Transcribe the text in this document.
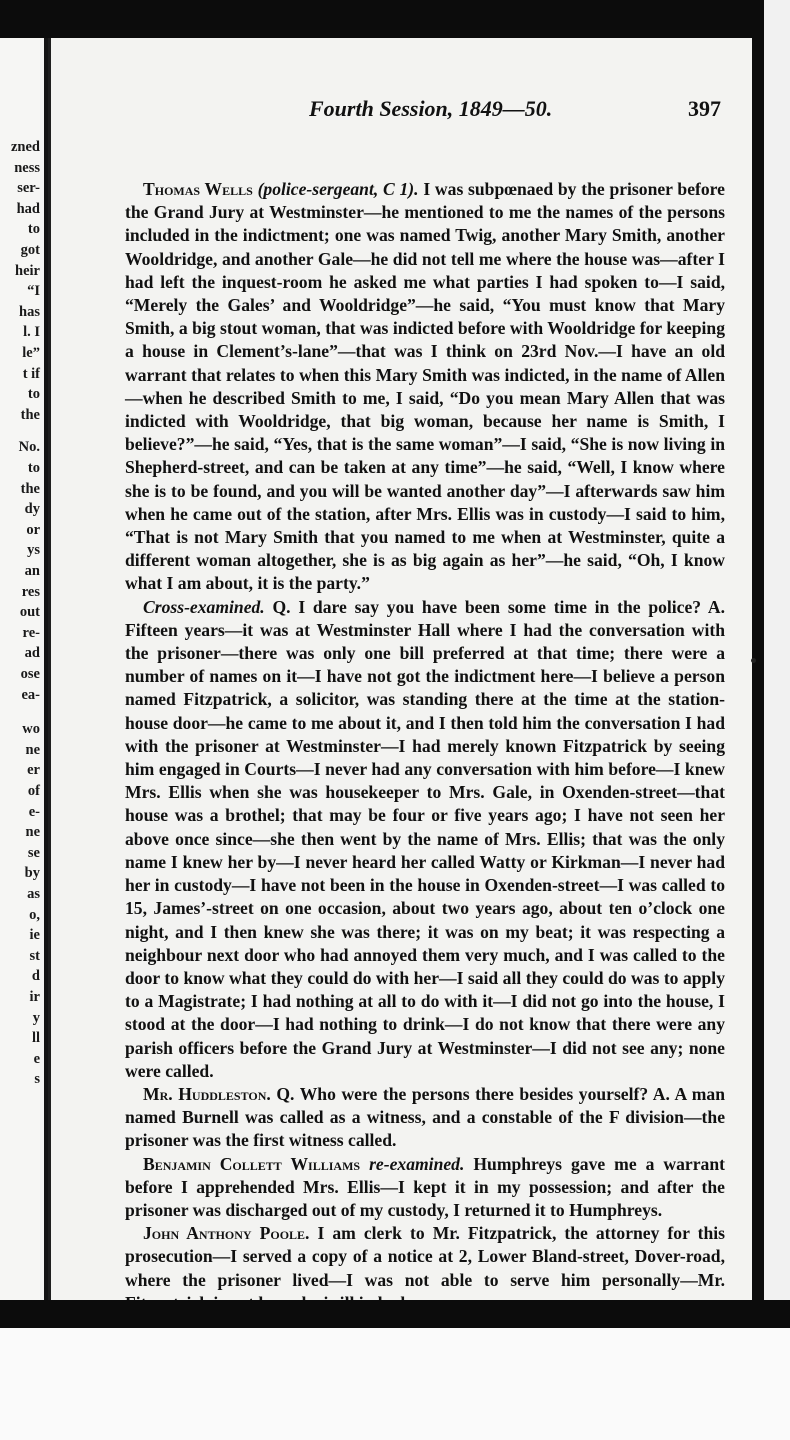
zned
ness
ser-
had
to
got
heir
“I
has
l. I
le”
t if
to
the
No.
to
the
dy
or
ys
an
res
out
re-
ad
ose
ea-
wo
ne
er
of
e-
ne
se
by
as
o,
ie
st
d
ir
y
ll
e
s
Fourth Session, 1849—50.	397

Thomas Wells (police-sergeant, C 1). I was subpœnaed by the prisoner before the Grand Jury at Westminster—he mentioned to me the names of the persons included in the indictment; one was named Twig, another Mary Smith, another Wooldridge, and another Gale—he did not tell me where the house was—after I had left the inquest-room he asked me what parties I had spoken to—I said, “Merely the Gales’ and Wooldridge”—he said, “You must know that Mary Smith, a big stout woman, that was indicted before with Wooldridge for keeping a house in Clement’s-lane”—that was I think on 23rd Nov.—I have an old warrant that relates to when this Mary Smith was indicted, in the name of Allen—when he described Smith to me, I said, “Do you mean Mary Allen that was indicted with Wooldridge, that big woman, because her name is Smith, I believe?”—he said, “Yes, that is the same woman”—I said, “She is now living in Shepherd-street, and can be taken at any time”—he said, “Well, I know where she is to be found, and you will be wanted another day”—I afterwards saw him when he came out of the station, after Mrs. Ellis was in custody—I said to him, “That is not Mary Smith that you named to me when at Westminster, quite a different woman altogether, she is as big again as her”—he said, “Oh, I know what I am about, it is the party.”

Cross-examined. Q. I dare say you have been some time in the police? A. Fifteen years—it was at Westminster Hall where I had the conversation with the prisoner—there was only one bill preferred at that time; there were a number of names on it—I have not got the indictment here—I believe a person named Fitzpatrick, a solicitor, was standing there at the time at the station-house door—he came to me about it, and I then told him the conversation I had with the prisoner at Westminster—I had merely known Fitzpatrick by seeing him engaged in Courts—I never had any conversation with him before—I knew Mrs. Ellis when she was housekeeper to Mrs. Gale, in Oxenden-street—that house was a brothel; that may be four or five years ago; I have not seen her above once since—she then went by the name of Mrs. Ellis; that was the only name I knew her by—I never heard her called Watty or Kirkman—I never had her in custody—I have not been in the house in Oxenden-street—I was called to 15, James’-street on one occasion, about two years ago, about ten o’clock one night, and I then knew she was there; it was on my beat; it was respecting a neighbour next door who had annoyed them very much, and I was called to the door to know what they could do with her—I said all they could do was to apply to a Magistrate; I had nothing at all to do with it—I did not go into the house, I stood at the door—I had nothing to drink—I do not know that there were any parish officers before the Grand Jury at Westminster—I did not see any; none were called.

Mr. Huddleston. Q. Who were the persons there besides yourself? A. A man named Burnell was called as a witness, and a constable of the F division—the prisoner was the first witness called.

Benjamin Collett Williams re-examined. Humphreys gave me a warrant before I apprehended Mrs. Ellis—I kept it in my possession; and after the prisoner was discharged out of my custody, I returned it to Humphreys.

John Anthony Poole. I am clerk to Mr. Fitzpatrick, the attorney for this prosecution—I served a copy of a notice at 2, Lower Bland-street, Dover-road, where the prisoner lived—I was not able to serve him personally—Mr.
